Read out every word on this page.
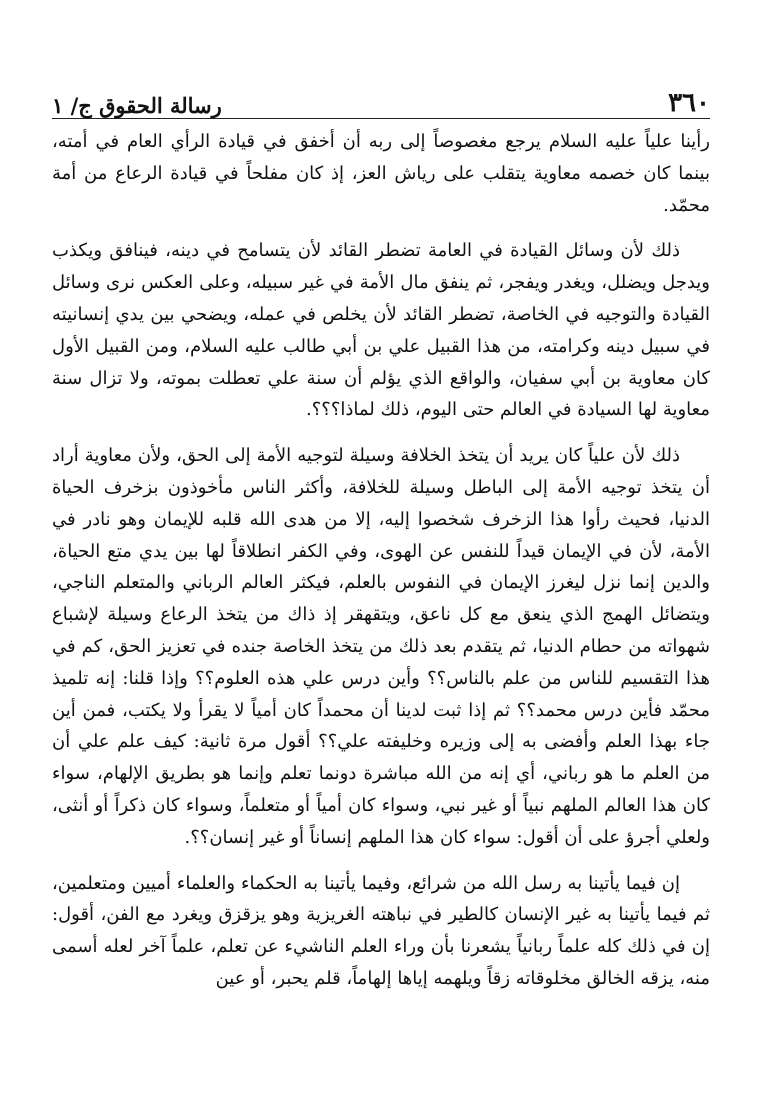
٣٦٠
رسالة الحقوق ج/ ١

رأينا علياً عليه السلام يرجع مغصوصاً إلى ربه أن أخفق في قيادة الرأي العام في أمته، بينما كان خصمه معاوية يتقلب على رياش العز، إذ كان مفلحاً في قيادة الرعاع من أمة محمّد.

ذلك لأن وسائل القيادة في العامة تضطر القائد لأن يتسامح في دينه، فينافق ويكذب ويدجل ويضلل، ويغدر ويفجر، ثم ينفق مال الأمة في غير سبيله، وعلى العكس نرى وسائل القيادة والتوجيه في الخاصة، تضطر القائد لأن يخلص في عمله، ويضحي بين يدي إنسانيته في سبيل دينه وكرامته، من هذا القبيل علي بن أبي طالب عليه السلام، ومن القبيل الأول كان معاوية بن أبي سفيان، والواقع الذي يؤلم أن سنة علي تعطلت بموته، ولا تزال سنة معاوية لها السيادة في العالم حتى اليوم، ذلك لماذا؟؟؟.

ذلك لأن علياً كان يريد أن يتخذ الخلافة وسيلة لتوجيه الأمة إلى الحق، ولأن معاوية أراد أن يتخذ توجيه الأمة إلى الباطل وسيلة للخلافة، وأكثر الناس مأخوذون بزخرف الحياة الدنيا، فحيث رأوا هذا الزخرف شخصوا إليه، إلا من هدى الله قلبه للإيمان وهو نادر في الأمة، لأن في الإيمان قيداً للنفس عن الهوى، وفي الكفر انطلاقاً لها بين يدي متع الحياة، والدين إنما نزل ليغرز الإيمان في النفوس بالعلم، فيكثر العالم الرباني والمتعلم الناجي، ويتضائل الهمج الذي ينعق مع كل ناعق، ويتقهقر إذ ذاك من يتخذ الرعاع وسيلة لإشباع شهواته من حطام الدنيا، ثم يتقدم بعد ذلك من يتخذ الخاصة جنده في تعزيز الحق، كم في هذا التقسيم للناس من علم بالناس؟؟ وأين درس علي هذه العلوم؟؟ وإذا قلنا: إنه تلميذ محمّد فأين درس محمد؟؟ ثم إذا ثبت لدينا أن محمداً كان أمياً لا يقرأ ولا يكتب، فمن أين جاء بهذا العلم وأفضى به إلى وزيره وخليفته علي؟؟ أقول مرة ثانية: كيف علم علي أن من العلم ما هو رباني، أي إنه من الله مباشرة دونما تعلم وإنما هو بطريق الإلهام، سواء كان هذا العالم الملهم نبياً أو غير نبي، وسواء كان أمياً أو متعلماً، وسواء كان ذكراً أو أنثى، ولعلي أجرؤ على أن أقول: سواء كان هذا الملهم إنساناً أو غير إنسان؟؟.

إن فيما يأتينا به رسل الله من شرائع، وفيما يأتينا به الحكماء والعلماء أميين ومتعلمين، ثم فيما يأتينا به غير الإنسان كالطير في نباهته الغريزية وهو يزقزق ويغرد مع الفن، أقول: إن في ذلك كله علماً ربانياً يشعرنا بأن وراء العلم الناشيء عن تعلم، علماً آخر لعله أسمى منه، يزقه الخالق مخلوقاته زقاً ويلهمه إياها إلهاماً، قلم يحبر، أو عين
